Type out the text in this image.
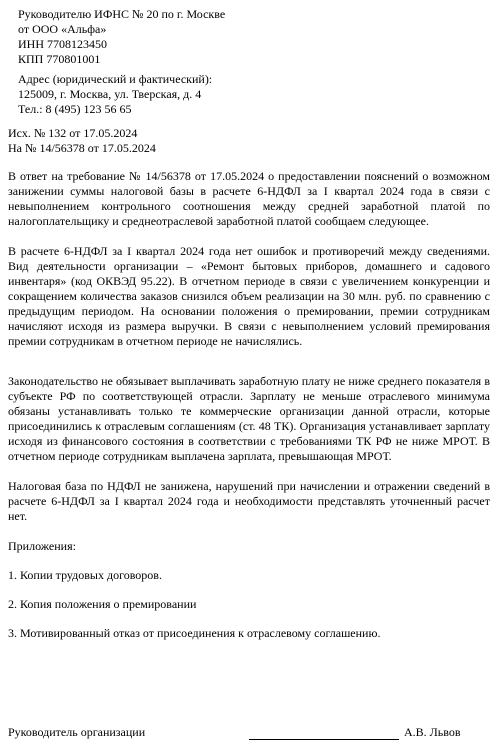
Руководителю ИФНС № 20 по г. Москве
от ООО «Альфа»
ИНН 7708123450
КПП 770801001
Адрес (юридический и фактический):
125009, г. Москва, ул. Тверская, д. 4
Тел.: 8 (495) 123 56 65
Исх. № 132 от 17.05.2024
На № 14/56378 от 17.05.2024

В ответ на требование № 14/56378 от 17.05.2024 о предоставлении пояснений о возможном занижении суммы налоговой базы в расчете 6-НДФЛ за I квартал 2024 года в связи с невыполнением контрольного соотношения между средней заработной платой по налогоплательщику и среднеотраслевой заработной платой сообщаем следующее.

В расчете 6-НДФЛ за I квартал 2024 года нет ошибок и противоречий между сведениями. Вид деятельности организации – «Ремонт бытовых приборов, домашнего и садового инвентаря» (код ОКВЭД 95.22). В отчетном периоде в связи с увеличением конкуренции и сокращением количества заказов снизился объем реализации на 30 млн. руб. по сравнению с предыдущим периодом. На основании положения о премировании, премии сотрудникам начисляют исходя из размера выручки. В связи с невыполнением условий премирования премии сотрудникам в отчетном периоде не начислялись.

Законодательство не обязывает выплачивать заработную плату не ниже среднего показателя в субъекте РФ по соответствующей отрасли. Зарплату не меньше отраслевого минимума обязаны устанавливать только те коммерческие организации данной отрасли, которые присоединились к отраслевым соглашениям (ст. 48 ТК). Организация устанавливает зарплату исходя из финансового состояния в соответствии с требованиями ТК РФ не ниже МРОТ. В отчетном периоде сотрудникам выплачена зарплата, превышающая МРОТ.

Налоговая база по НДФЛ не занижена, нарушений при начислении и отражении сведений в расчете 6-НДФЛ за I квартал 2024 года и необходимости представлять уточненный расчет нет.

Приложения:

1. Копии трудовых договоров.

2. Копия положения о премировании

3. Мотивированный отказ от присоединения к отраслевому соглашению.

Руководитель организации	А.В. Львов
